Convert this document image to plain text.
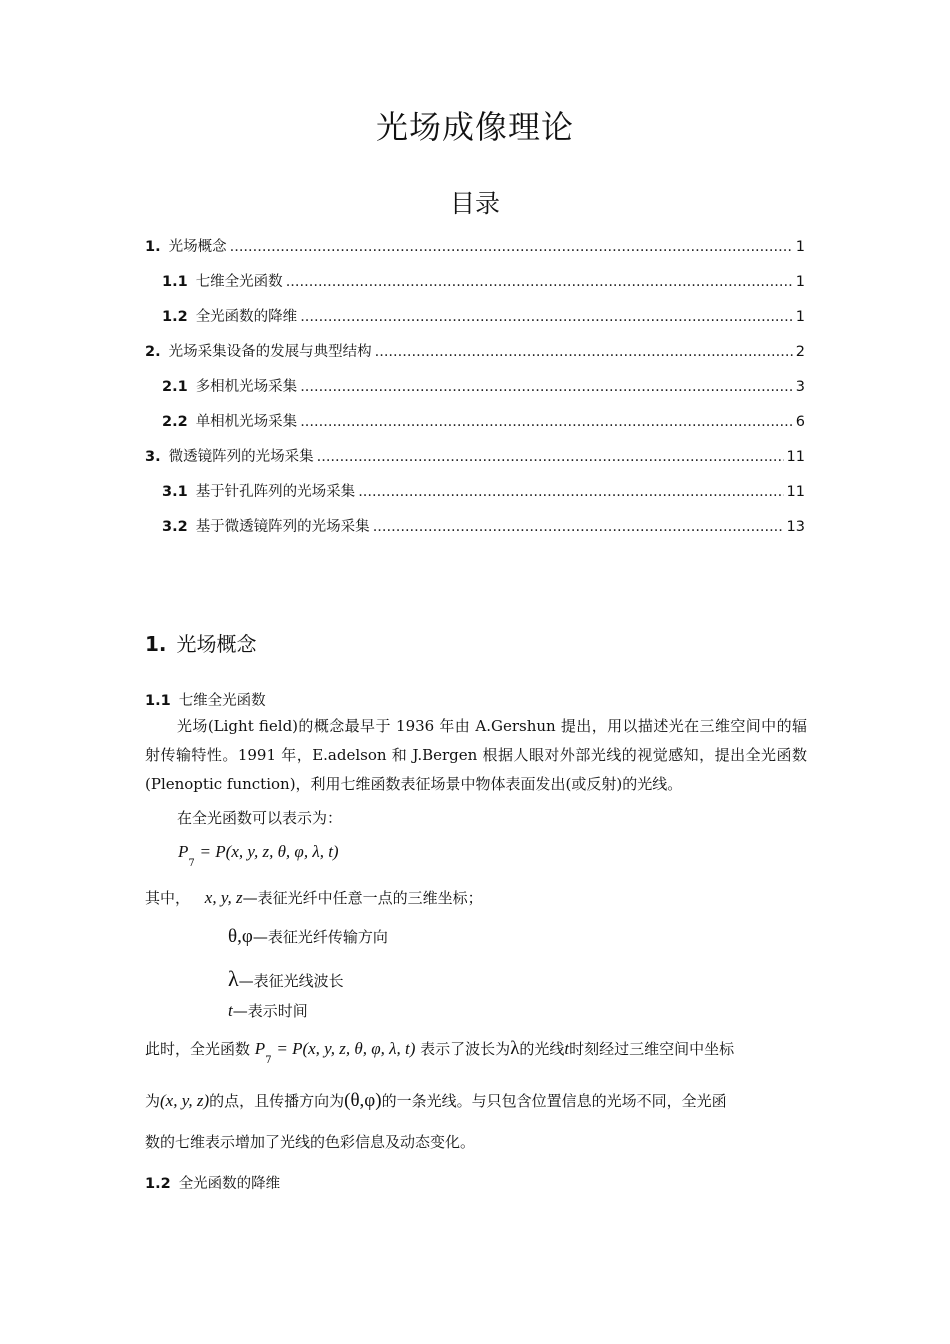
光场成像理论
目录
1. 光场概念 .....	1
1.1 七维全光函数 .....	1
1.2 全光函数的降维 .....	1
2. 光场采集设备的发展与典型结构 .....	2
2.1 多相机光场采集 .....	3
2.2 单相机光场采集 .....	6
3. 微透镜阵列的光场采集 .....	11
3.1 基于针孔阵列的光场采集 .....	11
3.2 基于微透镜阵列的光场采集 .....	13
1. 光场概念
1.1 七维全光函数

光场(Light field)的概念最早于 1936 年由 A.Gershun 提出，用以描述光在三维空间中的辐射传输特性。1991 年，E.adelson 和 J.Bergen 根据人眼对外部光线的视觉感知，提出全光函数(Plenoptic function)，利用七维函数表征场景中物体表面发出(或反射)的光线。

在全光函数可以表示为：

$P_7 = P(x$, y, z, θ, φ, λ, t)
其中， x, y, z—表征光纤中任意一点的三维坐标；
θ,φ—表征光纤传输方向
λ—表征光线波长
t—表示时间
此时，全光函数 $P_7 = P(x$, y, z, θ, φ, λ, t) 表示了波长为λ的光线t时刻经过三维空间中坐标
为(x, y, z)的点，且传播方向为(θ,φ)的一条光线。与只包含位置信息的光场不同，全光函
数的七维表示增加了光线的色彩信息及动态变化。
1.2 全光函数的降维
